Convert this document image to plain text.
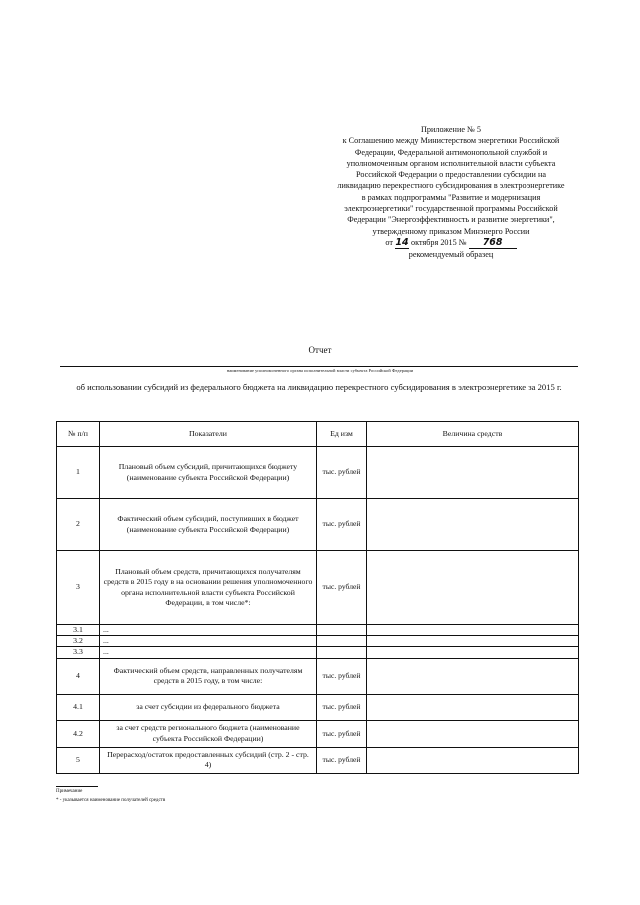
Приложение № 5
к Соглашению между Министерством энергетики Российской
Федерации, Федеральной антимонопольной службой и
уполномоченным органом исполнительной власти субъекта
Российской Федерации о предоставлении субсидии на
ликвидацию перекрестного субсидирования в электроэнергетике
в рамках подпрограммы "Развитие и модернизация
электроэнергетики" государственной программы Российской
Федерации "Энергоэффективность и развитие энергетики",
утвержденному приказом Минэнерго России
от 14 октября 2015 № 768
рекомендуемый образец
Отчет
наименование уполномоченного органа исполнительной власти субъекта Российской Федерации
об использовании субсидий из федерального бюджета на ликвидацию перекрестного субсидирования в электроэнергетике за 2015 г.
№ п/п	Показатели	Ед изм	Величина средств
1	Плановый объем субсидий, причитающихся бюджету (наименование субъекта Российской Федерации)	тыс. рублей	
2	Фактический объем субсидий, поступивших в бюджет (наименование субъекта Российской Федерации)	тыс. рублей	
3	Плановый объем средств, причитающихся получателям средств в 2015 году в на основании решения уполномоченного органа исполнительной власти субъекта Российской Федерации, в том числе*:	тыс. рублей	
3.1	...		
3.2	...		
3.3	...		
4	Фактический объем средств, направленных получателям средств в 2015 году, в том числе:	тыс. рублей	
4.1	за счет субсидии из федерального бюджета	тыс. рублей	
4.2	за счет средств регионального бюджета (наименование субъекта Российской Федерации)	тыс. рублей	
5	Перерасход/остаток предоставленных субсидий (стр. 2 - стр. 4)	тыс. рублей	
Примечание
* - указывается наименование получателей средств
